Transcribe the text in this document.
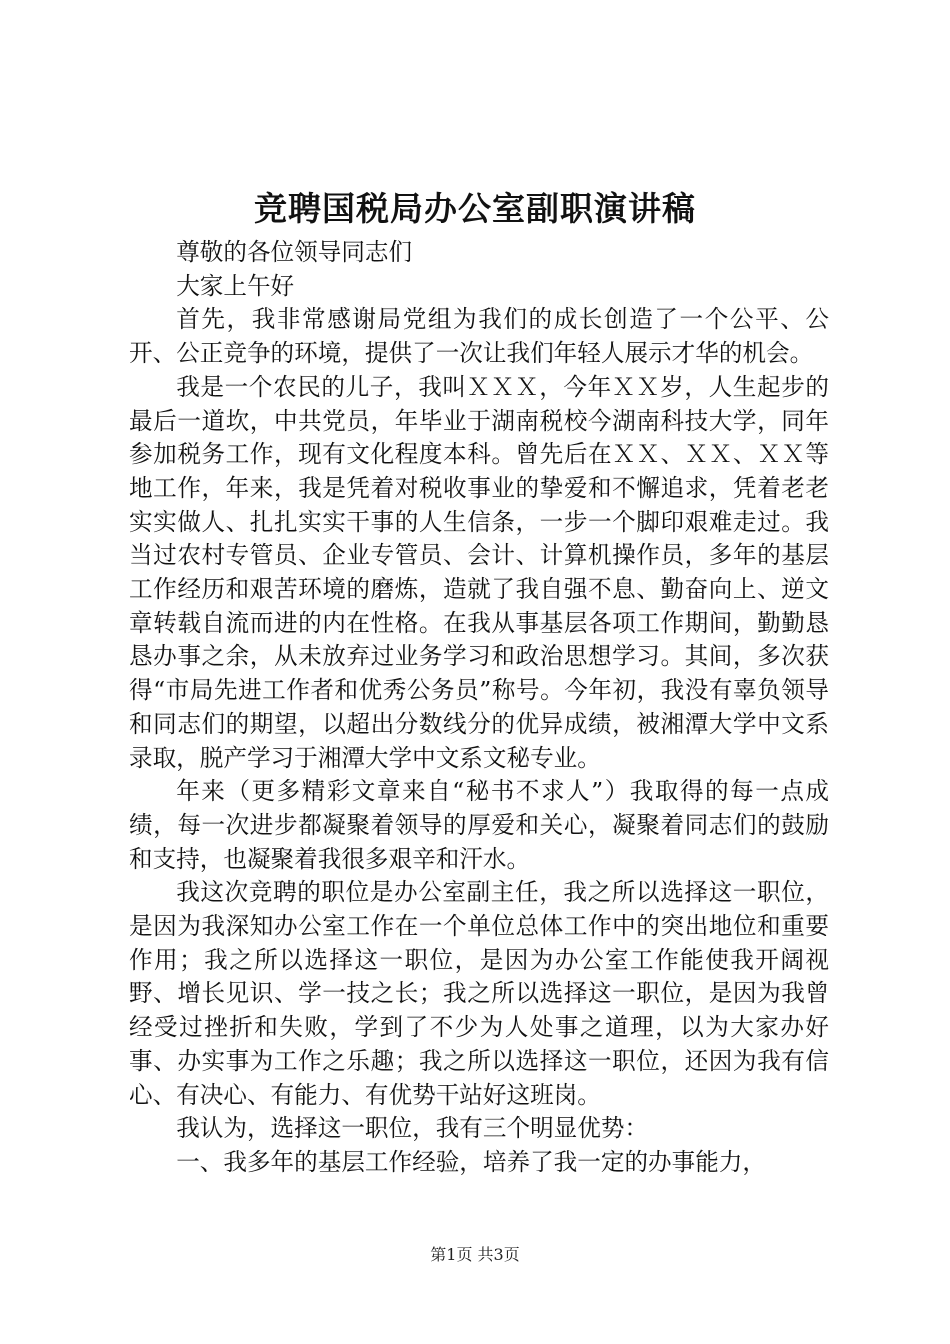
竞聘国税局办公室副职演讲稿

尊敬的各位领导同志们

大家上午好

首先，我非常感谢局党组为我们的成长创造了一个公平、公开、公正竞争的环境，提供了一次让我们年轻人展示才华的机会。

我是一个农民的儿子，我叫ＸＸＸ，今年ＸＸ岁，人生起步的最后一道坎，中共党员，年毕业于湖南税校今湖南科技大学，同年参加税务工作，现有文化程度本科。曾先后在ＸＸ、ＸＸ、ＸＸ等地工作，年来，我是凭着对税收事业的挚爱和不懈追求，凭着老老实实做人、扎扎实实干事的人生信条，一步一个脚印艰难走过。我当过农村专管员、企业专管员、会计、计算机操作员，多年的基层工作经历和艰苦环境的磨炼，造就了我自强不息、勤奋向上、逆文章转载自流而进的内在性格。在我从事基层各项工作期间，勤勤恳恳办事之余，从未放弃过业务学习和政治思想学习。其间，多次获得“市局先进工作者和优秀公务员”称号。今年初，我没有辜负领导和同志们的期望，以超出分数线分的优异成绩，被湘潭大学中文系录取，脱产学习于湘潭大学中文系文秘专业。

年来（更多精彩文章来自“秘书不求人”）我取得的每一点成绩，每一次进步都凝聚着领导的厚爱和关心，凝聚着同志们的鼓励和支持，也凝聚着我很多艰辛和汗水。

我这次竞聘的职位是办公室副主任，我之所以选择这一职位，是因为我深知办公室工作在一个单位总体工作中的突出地位和重要作用；我之所以选择这一职位，是因为办公室工作能使我开阔视野、增长见识、学一技之长；我之所以选择这一职位，是因为我曾经受过挫折和失败，学到了不少为人处事之道理，以为大家办好事、办实事为工作之乐趣；我之所以选择这一职位，还因为我有信心、有决心、有能力、有优势干站好这班岗。

我认为，选择这一职位，我有三个明显优势：

一、我多年的基层工作经验，培养了我一定的办事能力，

第1页 共3页
